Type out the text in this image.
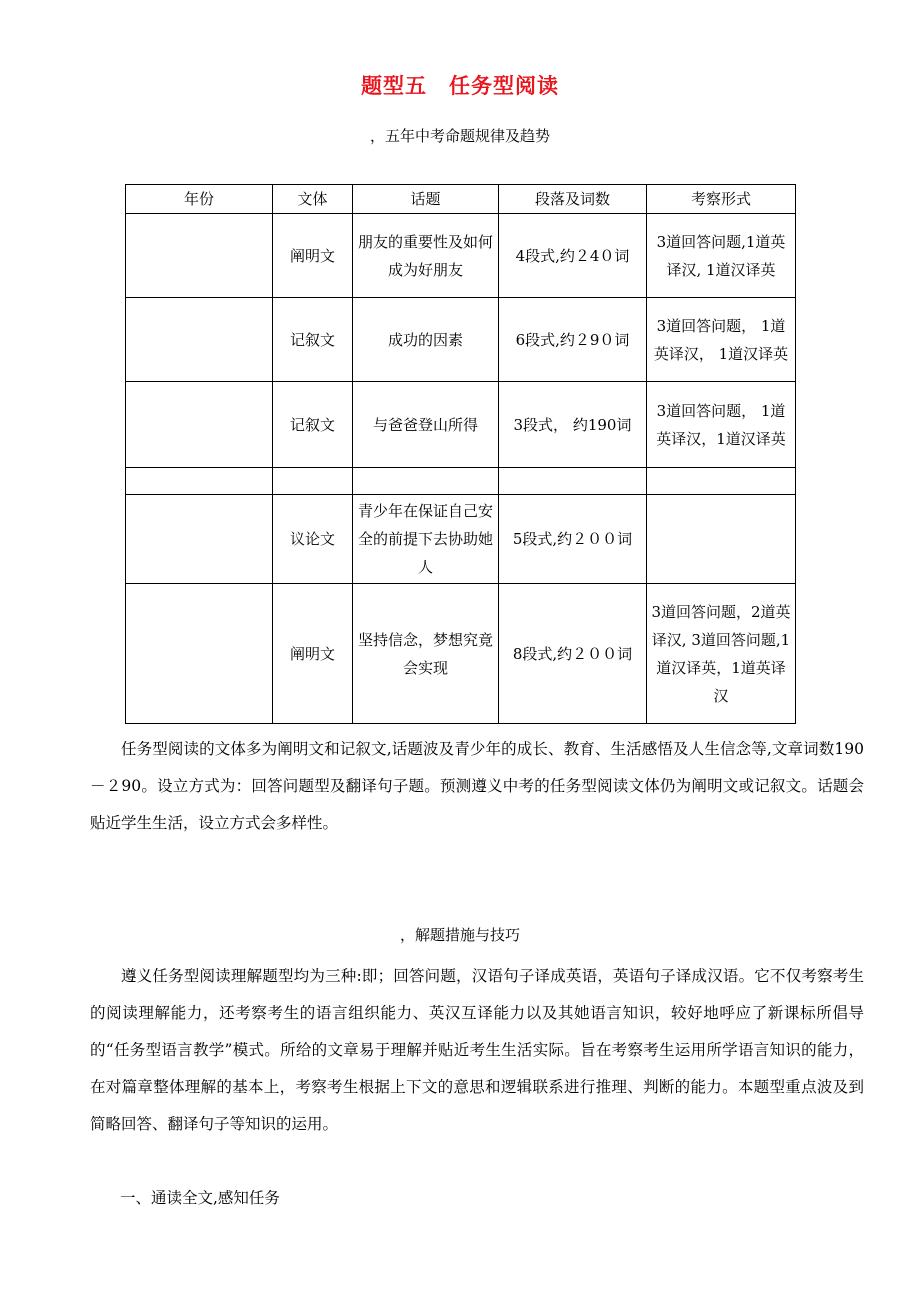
题型五　任务型阅读
，五年中考命题规律及趋势
年份	文体	话题	段落及词数	考察形式
	阐明文	朋友的重要性及如何成为好朋友	4段式,约２4０词	3道回答问题,1道英译汉, 1道汉译英
	记叙文	成功的因素	6段式,约２9０词	3道回答问题， 1道英译汉， 1道汉译英
	记叙文	与爸爸登山所得	3段式， 约190词	3道回答问题， 1道英译汉，1道汉译英

	议论文	青少年在保证自己安全的前提下去协助她人	5段式,约２００词	
	阐明文	坚持信念，梦想究竟会实现	8段式,约２００词	3道回答问题，2道英译汉, 3道回答问题,1道汉译英，1道英译汉

任务型阅读的文体多为阐明文和记叙文,话题波及青少年的成长、教育、生活感悟及人生信念等,文章词数190－２90。设立方式为：回答问题型及翻译句子题。预测遵义中考的任务型阅读文体仍为阐明文或记叙文。话题会贴近学生生活，设立方式会多样性。

，解题措施与技巧

遵义任务型阅读理解题型均为三种:即；回答问题，汉语句子译成英语，英语句子译成汉语。它不仅考察考生的阅读理解能力，还考察考生的语言组织能力、英汉互译能力以及其她语言知识，较好地呼应了新课标所倡导的“任务型语言教学”模式。所给的文章易于理解并贴近考生生活实际。旨在考察考生运用所学语言知识的能力，在对篇章整体理解的基本上，考察考生根据上下文的意思和逻辑联系进行推理、判断的能力。本题型重点波及到简略回答、翻译句子等知识的运用。

一、通读全文,感知任务
